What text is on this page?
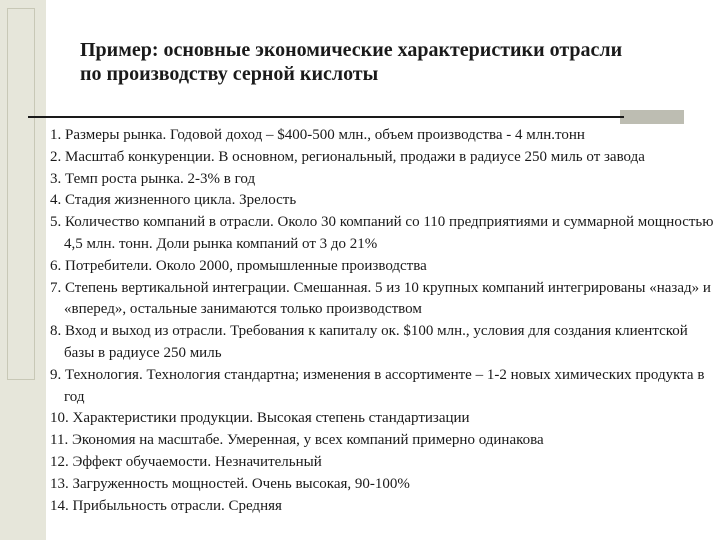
Пример: основные экономические характеристики отрасли
по производству серной кислоты

1. Размеры рынка. Годовой доход – $400-500 млн., объем производства - 4 млн.тонн

2. Масштаб конкуренции. В основном, региональный, продажи в радиусе 250 миль от завода

3. Темп роста рынка. 2-3% в год

4. Стадия жизненного цикла. Зрелость

5. Количество компаний в отрасли. Около 30 компаний со 110 предприятиями и суммарной мощностью 4,5 млн. тонн. Доли рынка компаний от 3 до 21%

6. Потребители. Около 2000, промышленные производства

7. Степень вертикальной интеграции. Смешанная. 5 из 10 крупных компаний интегрированы «назад» и «вперед», остальные занимаются только производством

8. Вход и выход из отрасли. Требования к капиталу ок. $100 млн., условия для создания клиентской базы в радиусе 250 миль

9. Технология. Технология стандартна; изменения в ассортименте – 1-2 новых химических продукта в год

10. Характеристики продукции. Высокая степень стандартизации

11. Экономия на масштабе. Умеренная, у всех компаний примерно одинакова

12. Эффект обучаемости. Незначительный

13. Загруженность мощностей. Очень высокая, 90-100%

14. Прибыльность отрасли. Средняя
